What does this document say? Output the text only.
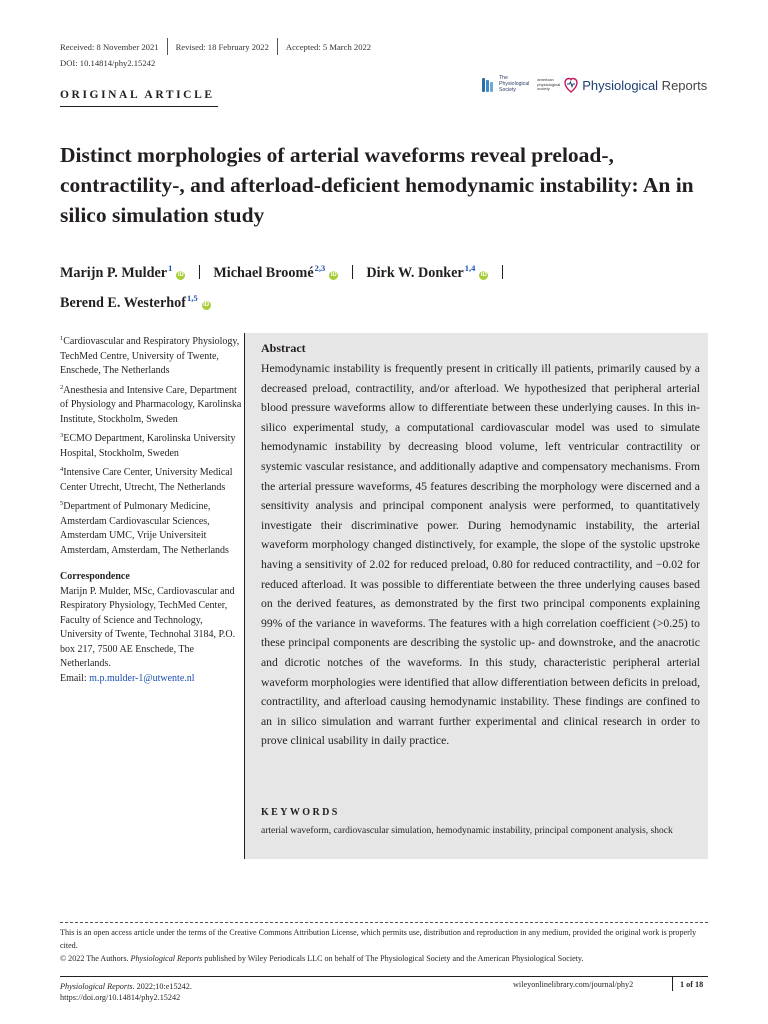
Received: 8 November 2021 Revised: 18 February 2022 Accepted: 5 March 2022
DOI: 10.14814/phy2.15242
ORIGINAL ARTICLE
The
Physiological
Society
american
physiological
society	Physiological Reports
Distinct morphologies of arterial waveforms reveal preload-, contractility-, and afterload-deficient hemodynamic instability: An in silico simulation study
Marijn P. Mulder$^1$iD Michael Broomé$^{2,3}$iD Dirk W. Donker$^{1,4}$iD
Berend E. Westerhof$^{1,5}$iD
$^1$Cardiovascular and Respiratory Physiology, TechMed Centre, University of Twente, Enschede, The Netherlands
$^2$Anesthesia and Intensive Care, Department of Physiology and Pharmacology, Karolinska Institute, Stockholm, Sweden
$^3$ECMO Department, Karolinska University Hospital, Stockholm, Sweden
$^4$Intensive Care Center, University Medical Center Utrecht, Utrecht, The Netherlands
$^5$Department of Pulmonary Medicine, Amsterdam Cardiovascular Sciences, Amsterdam UMC, Vrije Universiteit Amsterdam, Amsterdam, The Netherlands
Correspondence
Marijn P. Mulder, MSc, Cardiovascular and Respiratory Physiology, TechMed Center, Faculty of Science and Technology, University of Twente, Technohal 3184, P.O. box 217, 7500 AE Enschede, The Netherlands.
Email: m.p.mulder-1@utwente.nl
Abstract
Hemodynamic instability is frequently present in critically ill patients, primarily caused by a decreased preload, contractility, and/or afterload. We hypothesized that peripheral arterial blood pressure waveforms allow to differentiate between these underlying causes. In this in-silico experimental study, a computational cardiovascular model was used to simulate hemodynamic instability by decreasing blood volume, left ventricular contractility or systemic vascular resistance, and additionally adaptive and compensatory mechanisms. From the arterial pressure waveforms, 45 features describing the morphology were discerned and a sensitivity analysis and principal component analysis were performed, to quantitatively investigate their discriminative power. During hemodynamic instability, the arterial waveform morphology changed distinctively, for example, the slope of the systolic upstroke having a sensitivity of 2.02 for reduced preload, 0.80 for reduced contractility, and −0.02 for reduced afterload. It was possible to differentiate between the three underlying causes based on the derived features, as demonstrated by the first two principal components explaining 99% of the variance in waveforms. The features with a high correlation coefficient (>0.25) to these principal components are describing the systolic up- and downstroke, and the anacrotic and dicrotic notches of the waveforms. In this study, characteristic peripheral arterial waveform morphologies were identified that allow differentiation between deficits in preload, contractility, and afterload causing hemodynamic instability. These findings are confined to an in silico simulation and warrant further experimental and clinical research in order to prove clinical usability in daily practice.
KEYWORDS
arterial waveform, cardiovascular simulation, hemodynamic instability, principal component analysis, shock
This is an open access article under the terms of the Creative Commons Attribution License, which permits use, distribution and reproduction in any medium, provided the original work is properly cited.
© 2022 The Authors. Physiological Reports published by Wiley Periodicals LLC on behalf of The Physiological Society and the American Physiological Society.
Physiological Reports. 2022;10:e15242.
https://doi.org/10.14814/phy2.15242
wileyonlinelibrary.com/journal/phy2	1 of 18
